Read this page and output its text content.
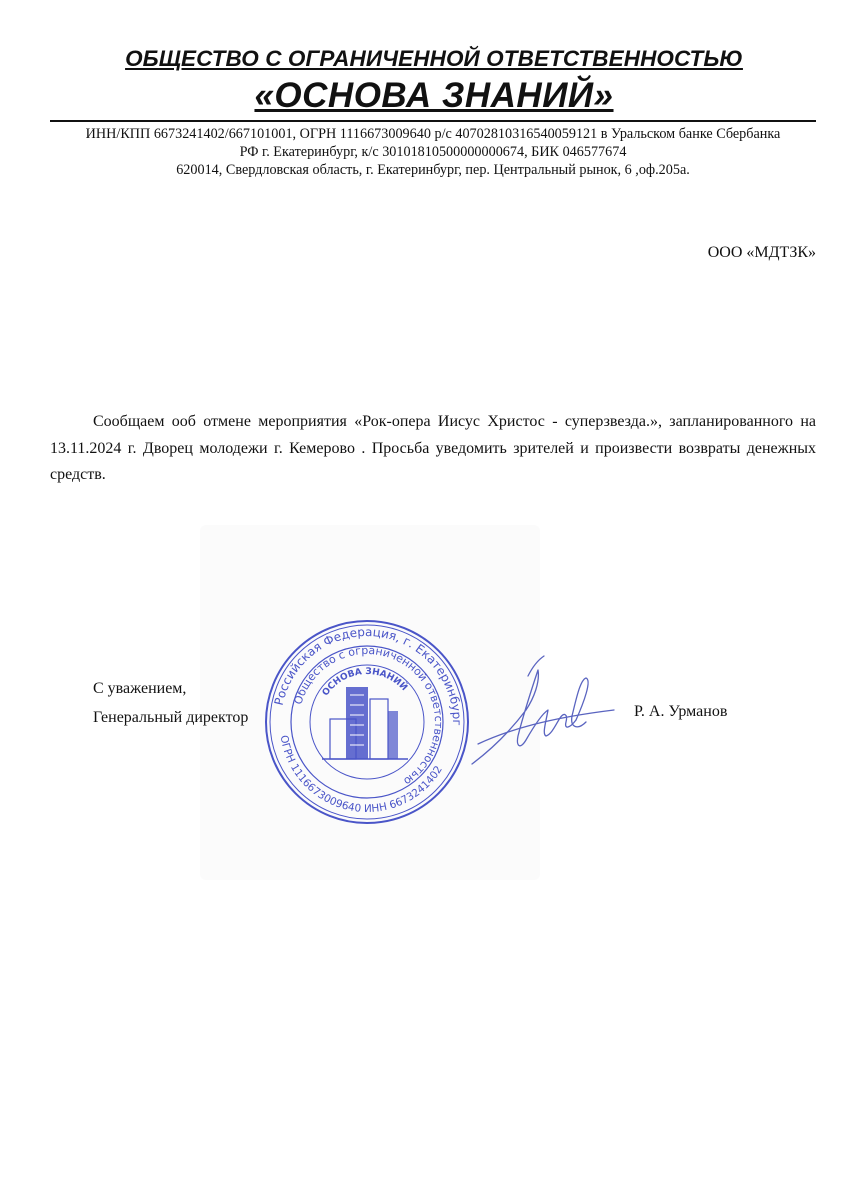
ОБЩЕСТВО С ОГРАНИЧЕННОЙ ОТВЕТСТВЕННОСТЬЮ
«ОСНОВА ЗНАНИЙ»
ИНН/КПП 6673241402/667101001, ОГРН 1116673009640 р/с 40702810316540059121 в Уральском банке Сбербанка
РФ г. Екатеринбург, к/с 30101810500000000674, БИК 046577674
620014, Свердловская область, г. Екатеринбург, пер. Центральный рынок, 6 ,оф.205а.
ООО «МДТЗК»
Сообщаем ооб отмене мероприятия «Рок-опера Иисус Христос - суперзвезда.», запланированного на 13.11.2024 г. Дворец молодежи г. Кемерово . Просьба уведомить зрителей и произвести возвраты денежных средств.
С уважением,
Генеральный директор	Р. А. Урманов
Российская Федерация, г. Екатеринбург
Общество с ограниченной ответственностью
ОСНОВА ЗНАНИЙ
ОГРН 1116673009640 ИНН 6673241402
